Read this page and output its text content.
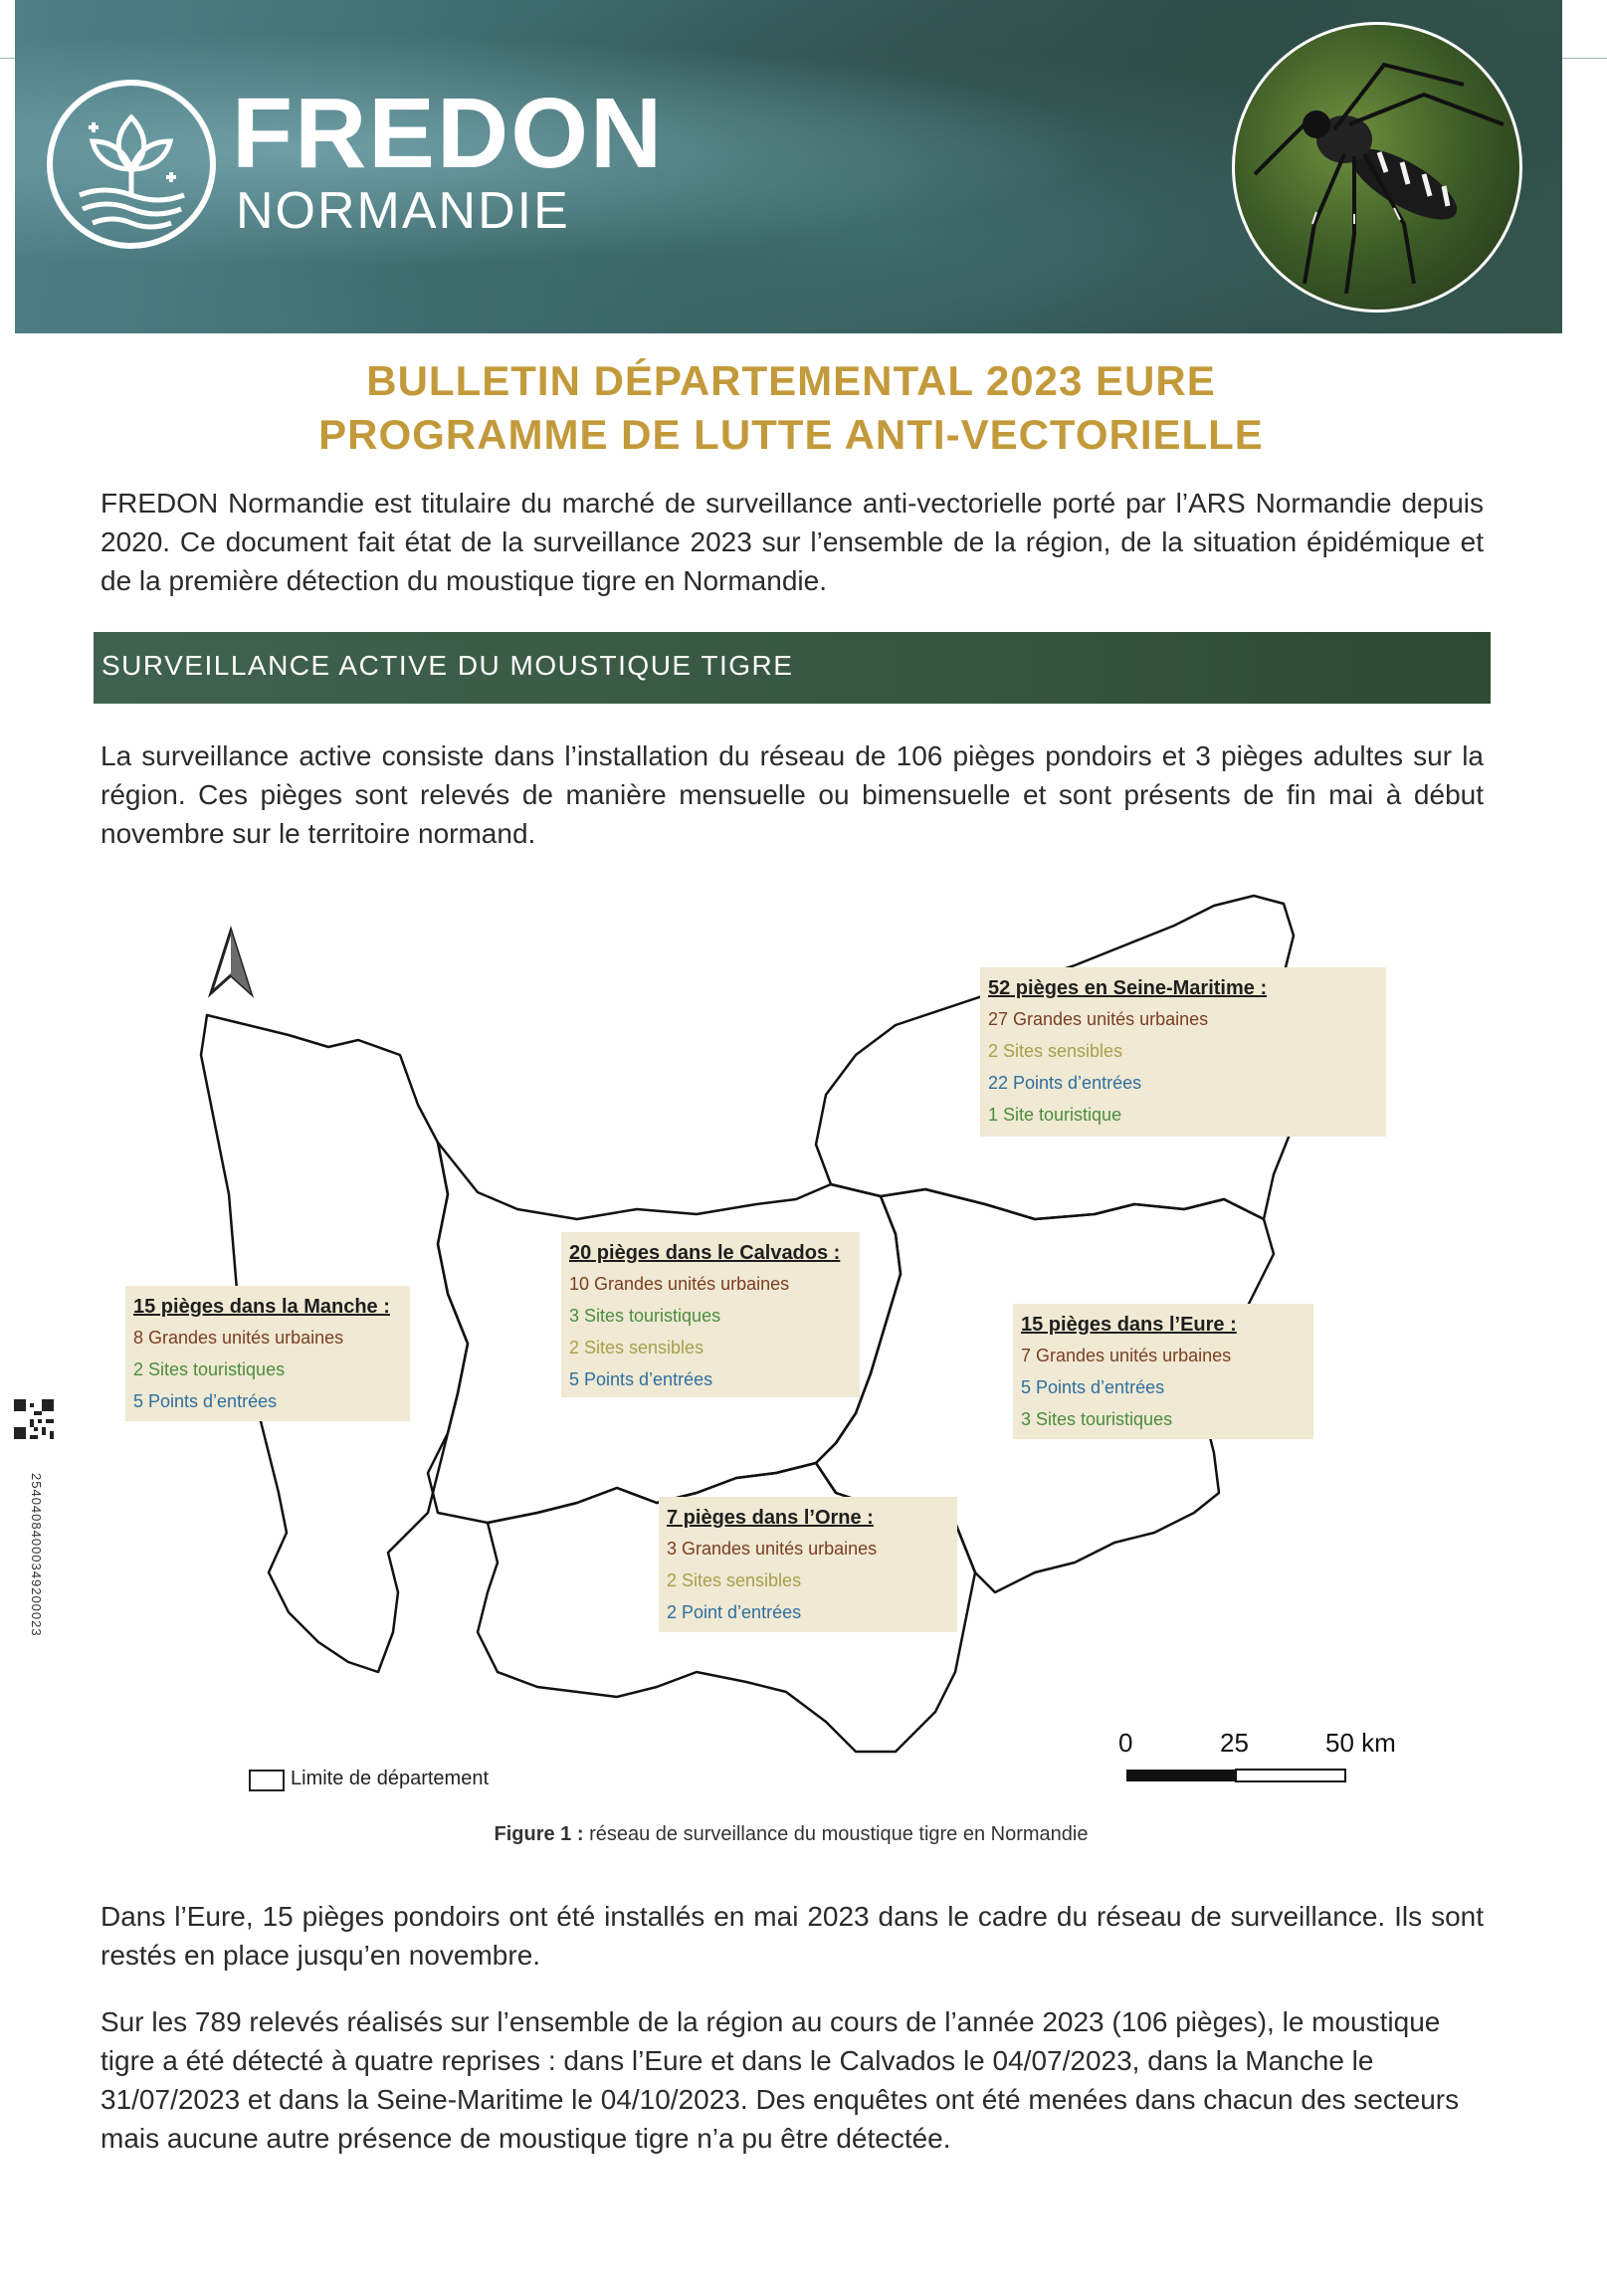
FREDON
NORMANDIE
BULLETIN DÉPARTEMENTAL 2023 EURE
PROGRAMME DE LUTTE ANTI-VECTORIELLE

FREDON Normandie est titulaire du marché de surveillance anti-vectorielle porté par l’ARS Normandie depuis 2020. Ce document fait état de la surveillance 2023 sur l’ensemble de la région, de la situation épidémique et de la première détection du moustique tigre en Normandie.

SURVEILLANCE ACTIVE DU MOUSTIQUE TIGRE

La surveillance active consiste dans l’installation du réseau de 106 pièges pondoirs et 3 pièges adultes sur la région. Ces pièges sont relevés de manière mensuelle ou bimensuelle et sont présents de fin mai à début novembre sur le territoire normand.

52 pièges en Seine-Maritime :
27 Grandes unités urbaines
2 Sites sensibles
22 Points d’entrées
1 Site touristique
20 pièges dans le Calvados :
10 Grandes unités urbaines
3 Sites touristiques
2 Sites sensibles
5 Points d’entrées
15 pièges dans la Manche :
8 Grandes unités urbaines
2 Sites touristiques
5 Points d’entrées
15 pièges dans l’Eure :
7 Grandes unités urbaines
5 Points d’entrées
3 Sites touristiques
7 pièges dans l’Orne :
3 Grandes unités urbaines
2 Sites sensibles
2 Point d’entrées
Limite de département
0	25	50 km
Figure 1 : réseau de surveillance du moustique tigre en Normandie

Dans l’Eure, 15 pièges pondoirs ont été installés en mai 2023 dans le cadre du réseau de surveillance. Ils sont restés en place jusqu’en novembre.

Sur les 789 relevés réalisés sur l’ensemble de la région au cours de l’année 2023 (106 pièges), le moustique tigre a été détecté à quatre reprises : dans l’Eure et dans le Calvados le 04/07/2023, dans la Manche le 31/07/2023 et dans la Seine-Maritime le 04/10/2023. Des enquêtes ont été menées dans chacun des secteurs mais aucune autre présence de moustique tigre n’a pu être détectée.

25404084000349200023
